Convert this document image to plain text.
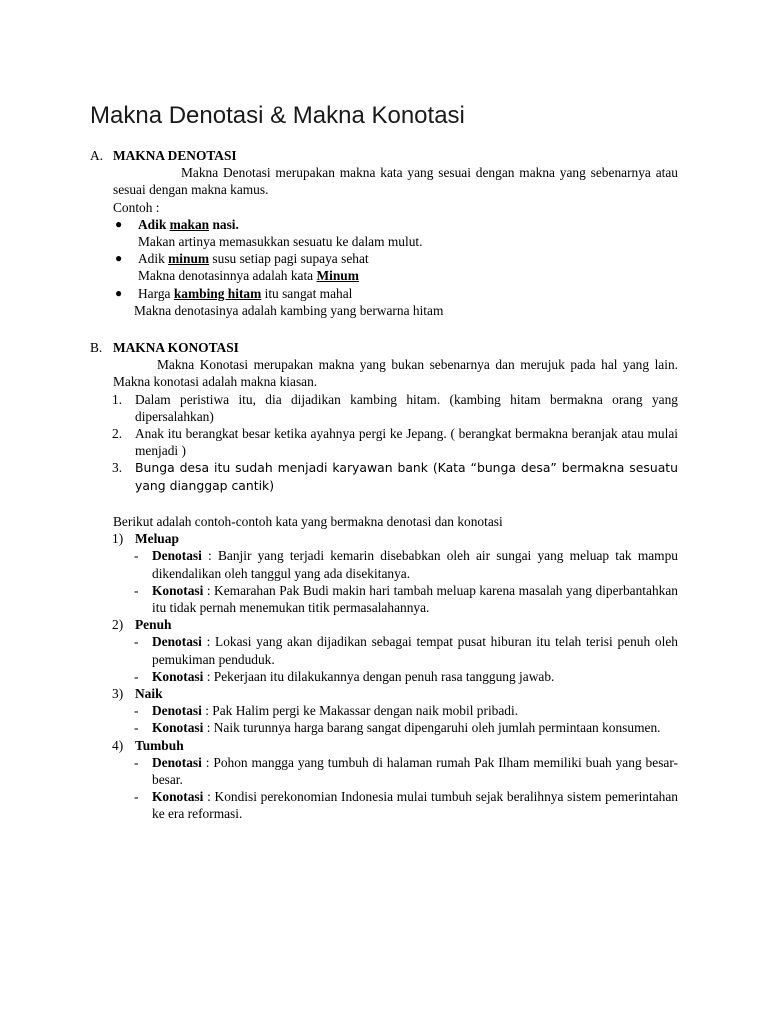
Makna Denotasi & Makna Konotasi
A. MAKNA DENOTASI
Makna Denotasi merupakan makna kata yang sesuai dengan makna yang sebenarnya atau sesuai dengan makna kamus.
Contoh :
● Adik makan nasi.
Makan artinya memasukkan sesuatu ke dalam mulut.
● Adik minum susu setiap pagi supaya sehat
Makna denotasinnya adalah kata Minum
● Harga kambing hitam itu sangat mahal
Makna denotasinya adalah kambing yang berwarna hitam
B. MAKNA KONOTASI
Makna Konotasi merupakan makna yang bukan sebenarnya dan merujuk pada hal yang lain. Makna konotasi adalah makna kiasan.
1. Dalam peristiwa itu, dia dijadikan kambing hitam. (kambing hitam bermakna orang yang dipersalahkan)
2. Anak itu berangkat besar ketika ayahnya pergi ke Jepang. ( berangkat bermakna beranjak atau mulai menjadi )
3. Bunga desa itu sudah menjadi karyawan bank (Kata “bunga desa” bermakna sesuatu yang dianggap cantik)
Berikut adalah contoh-contoh kata yang bermakna denotasi dan konotasi
1) Meluap
- Denotasi : Banjir yang terjadi kemarin disebabkan oleh air sungai yang meluap tak mampu dikendalikan oleh tanggul yang ada disekitanya.
- Konotasi : Kemarahan Pak Budi makin hari tambah meluap karena masalah yang diperbantahkan itu tidak pernah menemukan titik permasalahannya.
2) Penuh
- Denotasi : Lokasi yang akan dijadikan sebagai tempat pusat hiburan itu telah terisi penuh oleh pemukiman penduduk.
- Konotasi : Pekerjaan itu dilakukannya dengan penuh rasa tanggung jawab.
3) Naik
- Denotasi : Pak Halim pergi ke Makassar dengan naik mobil pribadi.
- Konotasi : Naik turunnya harga barang sangat dipengaruhi oleh jumlah permintaan konsumen.
4) Tumbuh
- Denotasi : Pohon mangga yang tumbuh di halaman rumah Pak Ilham memiliki buah yang besar-besar.
- Konotasi : Kondisi perekonomian Indonesia mulai tumbuh sejak beralihnya sistem pemerintahan ke era reformasi.
